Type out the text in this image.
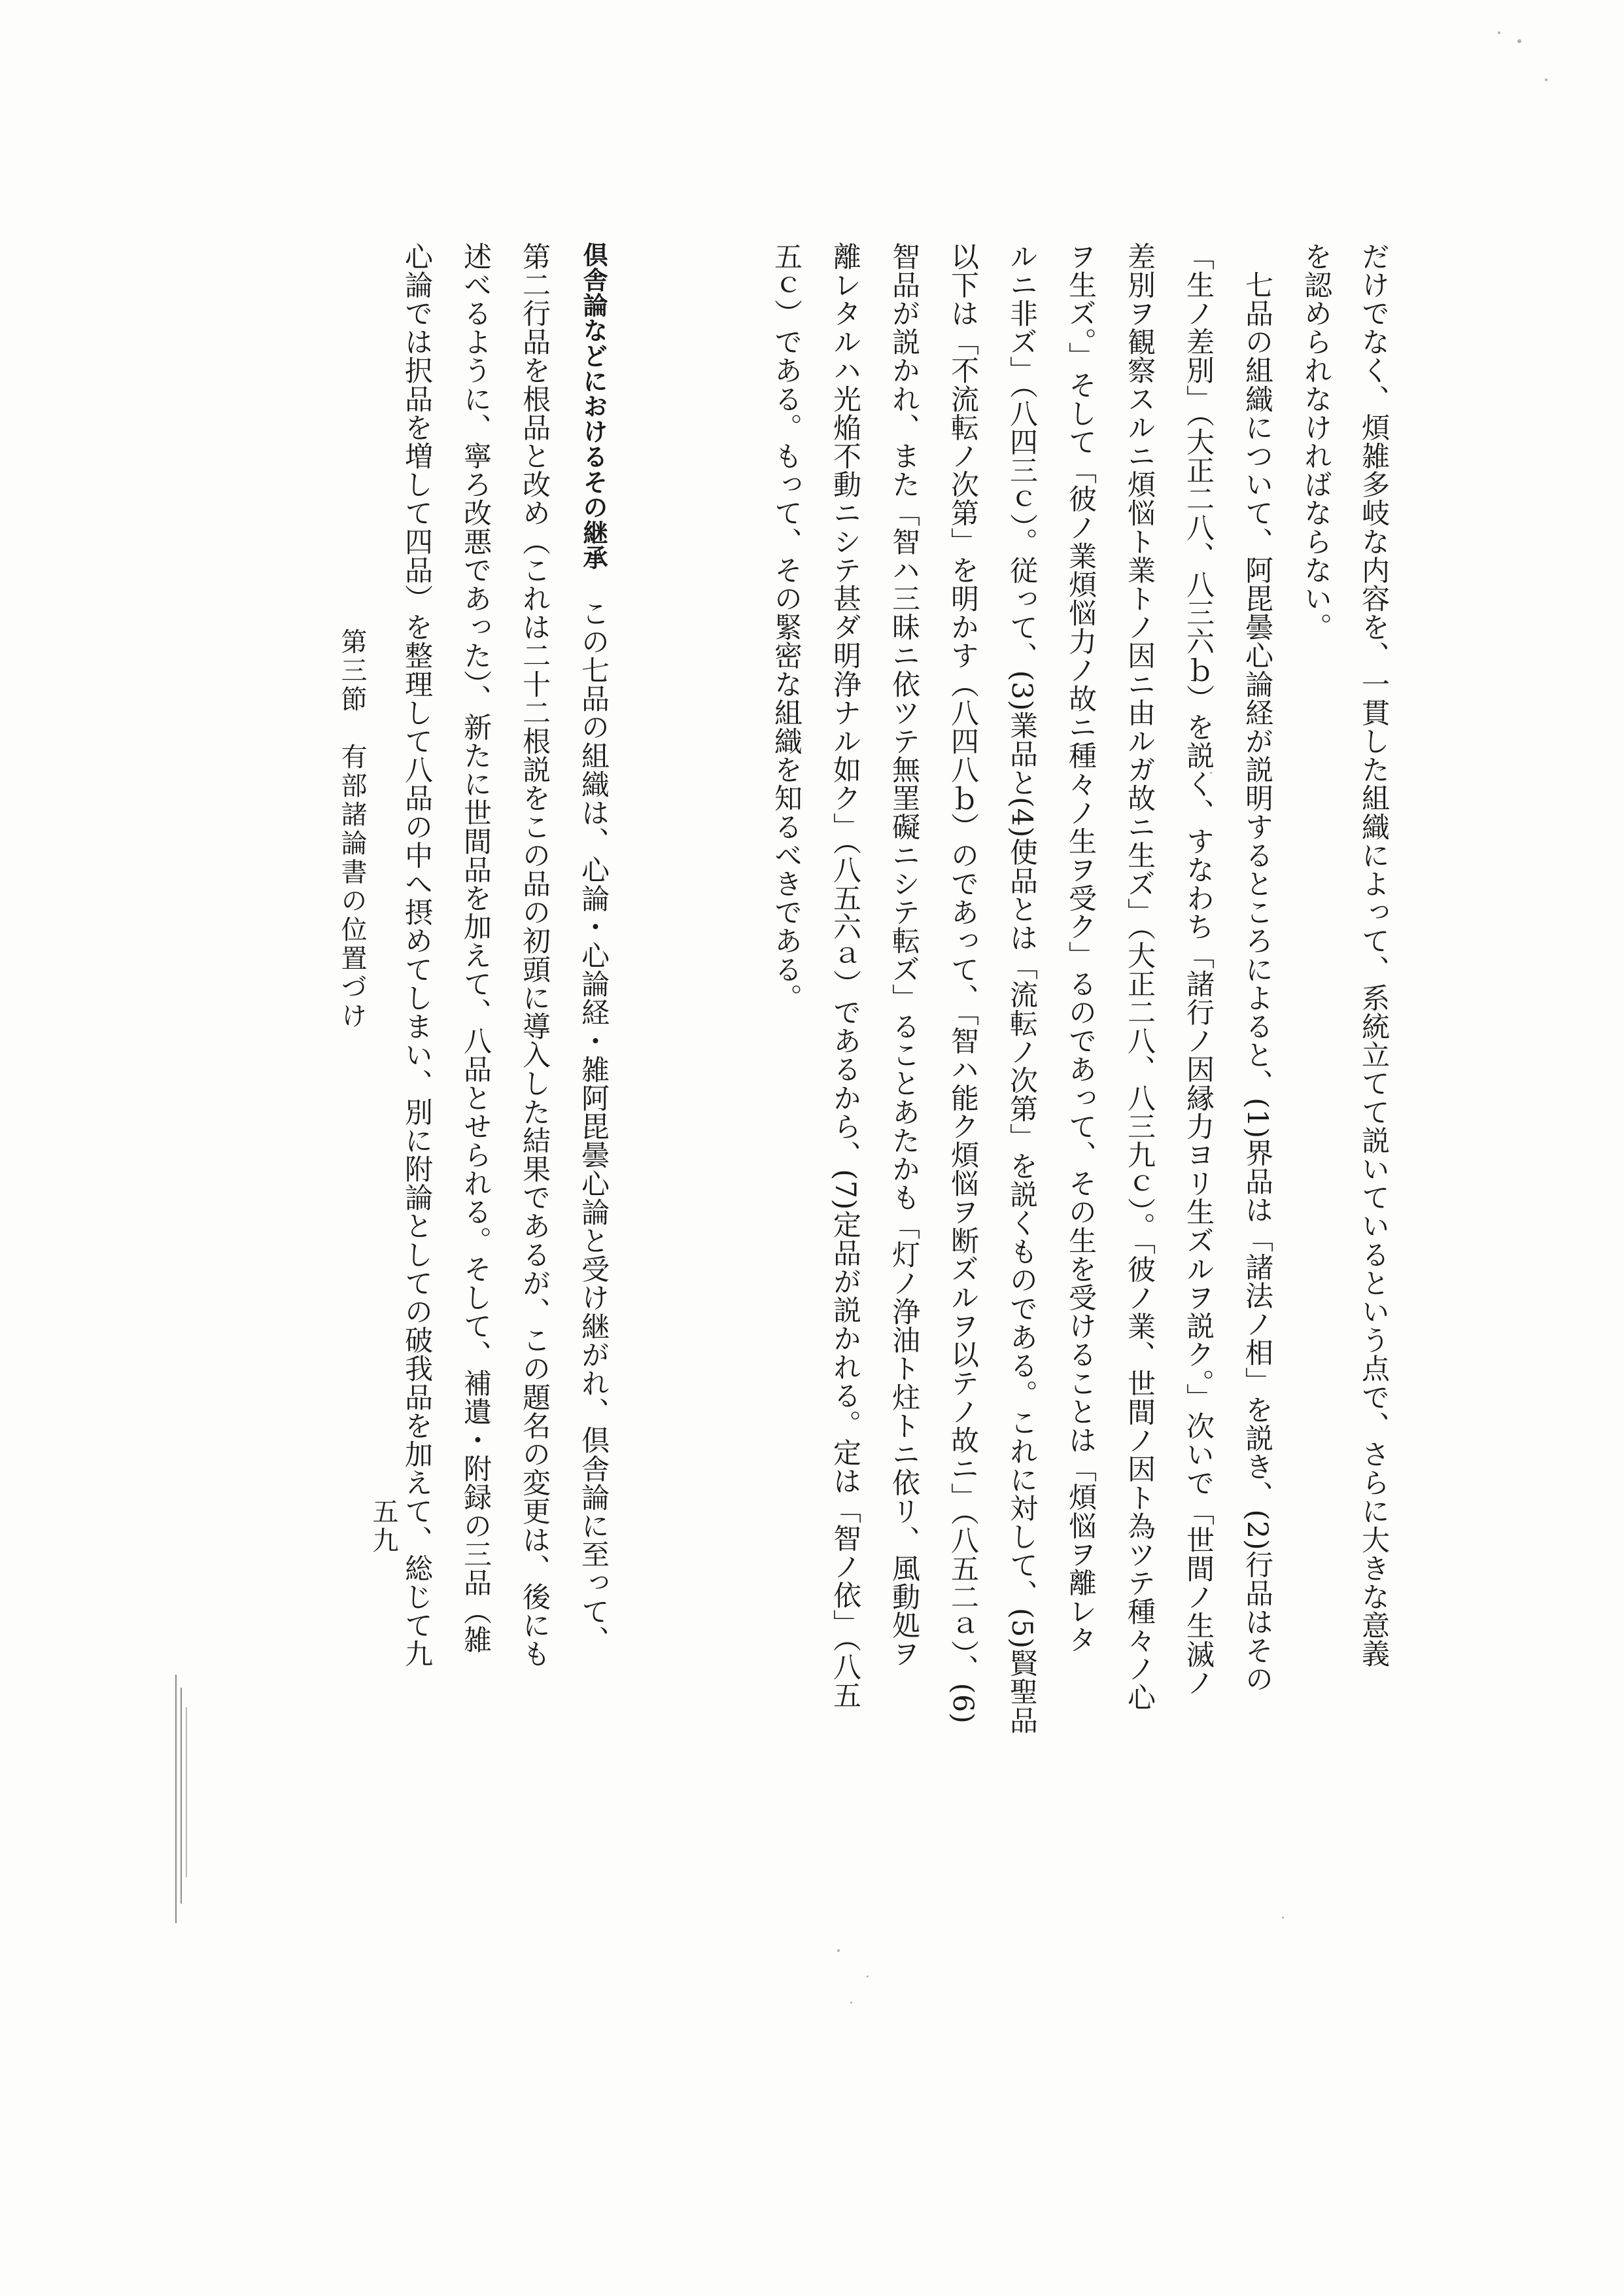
だけでなく、煩雑多岐な内容を、一貫した組織によって、系統立てて説いているという点で、さらに大きな意義
を認められなければならない。
　七品の組織について、阿毘曇心論経が説明するところによると、(1)界品は「諸法ノ相」を説き、(2)行品はその
「生ノ差別」（大正二八、八三六ｂ）を説く、すなわち「諸行ノ因縁力ヨリ生ズルヲ説ク。」次いで「世間ノ生滅ノ
差別ヲ観察スルニ煩悩ト業トノ因ニ由ルガ故ニ生ズ」（大正二八、八三九ｃ）。「彼ノ業、世間ノ因ト為ツテ種々ノ心
ヲ生ズ。」そして「彼ノ業煩悩力ノ故ニ種々ノ生ヲ受ク」るのであって、その生を受けることは「煩悩ヲ離レタ
ルニ非ズ」（八四三ｃ）。従って、(3)業品と(4)使品とは「流転ノ次第」を説くものである。これに対して、(5)賢聖品
以下は「不流転ノ次第」を明かす（八四八ｂ）のであって、「智ハ能ク煩悩ヲ断ズルヲ以テノ故ニ」（八五二ａ）、(6)
智品が説かれ、また「智ハ三昧ニ依ツテ無罣礙ニシテ転ズ」ることあたかも「灯ノ浄油ト炷トニ依リ、風動処ヲ
離レタルハ光焔不動ニシテ甚ダ明浄ナル如ク」（八五六ａ）であるから、(7)定品が説かれる。定は「智ノ依」（八五
五ｃ）である。もって、その緊密な組織を知るべきである。
倶舎論などにおけるその継承　この七品の組織は、心論・心論経・雑阿毘曇心論と受け継がれ、倶舎論に至って、
第二行品を根品と改め（これは二十二根説をこの品の初頭に導入した結果であるが、この題名の変更は、後にも
述べるように、寧ろ改悪であった）、新たに世間品を加えて、八品とせられる。そして、補遺・附録の三品（雑
心論では択品を増して四品）を整理して八品の中へ摂めてしまい、別に附論としての破我品を加えて、総じて九
第三節　有部諸論書の位置づけ
五九
